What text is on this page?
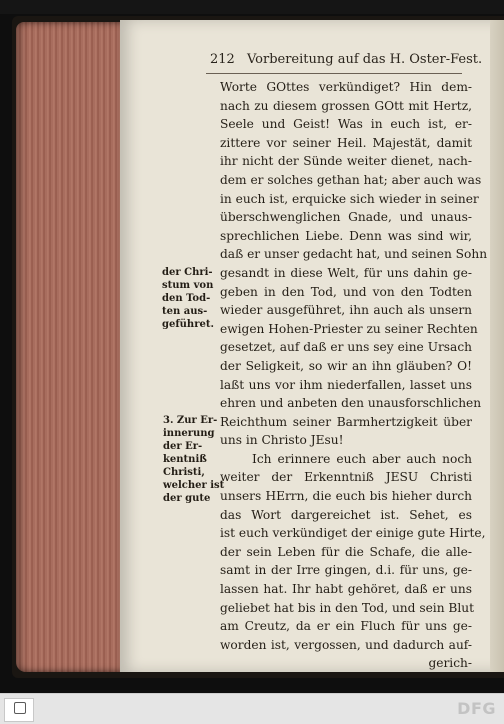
212 Vorbereitung auf das H. Oster-Fest.
Worte GOttes verkündiget? Hin dem-
nach zu diesem grossen GOtt mit Hertz,
Seele und Geist! Was in euch ist, er-
zittere vor seiner Heil. Majestät, damit
ihr nicht der Sünde weiter dienet, nach-
dem er solches gethan hat; aber auch was
in euch ist, erquicke sich wieder in seiner
überschwenglichen Gnade, und unaus-
sprechlichen Liebe. Denn was sind wir,
daß er unser gedacht hat, und seinen Sohn
gesandt in diese Welt, für uns dahin ge-
geben in den Tod, und von den Todten
wieder ausgeführet, ihn auch als unsern
ewigen Hohen-Priester zu seiner Rechten
gesetzet, auf daß er uns sey eine Ursach
der Seligkeit, so wir an ihn gläuben? O!
laßt uns vor ihm niederfallen, lasset uns
ehren und anbeten den unausforschlichen
Reichthum seiner Barmhertzigkeit über
uns in Christo JEsu!
Ich erinnere euch aber auch noch
weiter der Erkenntniß JESU Christi
unsers HErrn, die euch bis hieher durch
das Wort dargereichet ist. Sehet, es
ist euch verkündiget der einige gute Hirte,
der sein Leben für die Schafe, die alle-
samt in der Irre gingen, d.i. für uns, ge-
lassen hat. Ihr habt gehöret, daß er uns
geliebet hat bis in den Tod, und sein Blut
am Creutz, da er ein Fluch für uns ge-
worden ist, vergossen, und dadurch auf-
gerich-
der Chri-
stum von
den Tod-
ten aus-
geführet.
3. Zur Er-
innerung
der Er-
kentniß
Christi,
welcher ist
der gute
DFG
